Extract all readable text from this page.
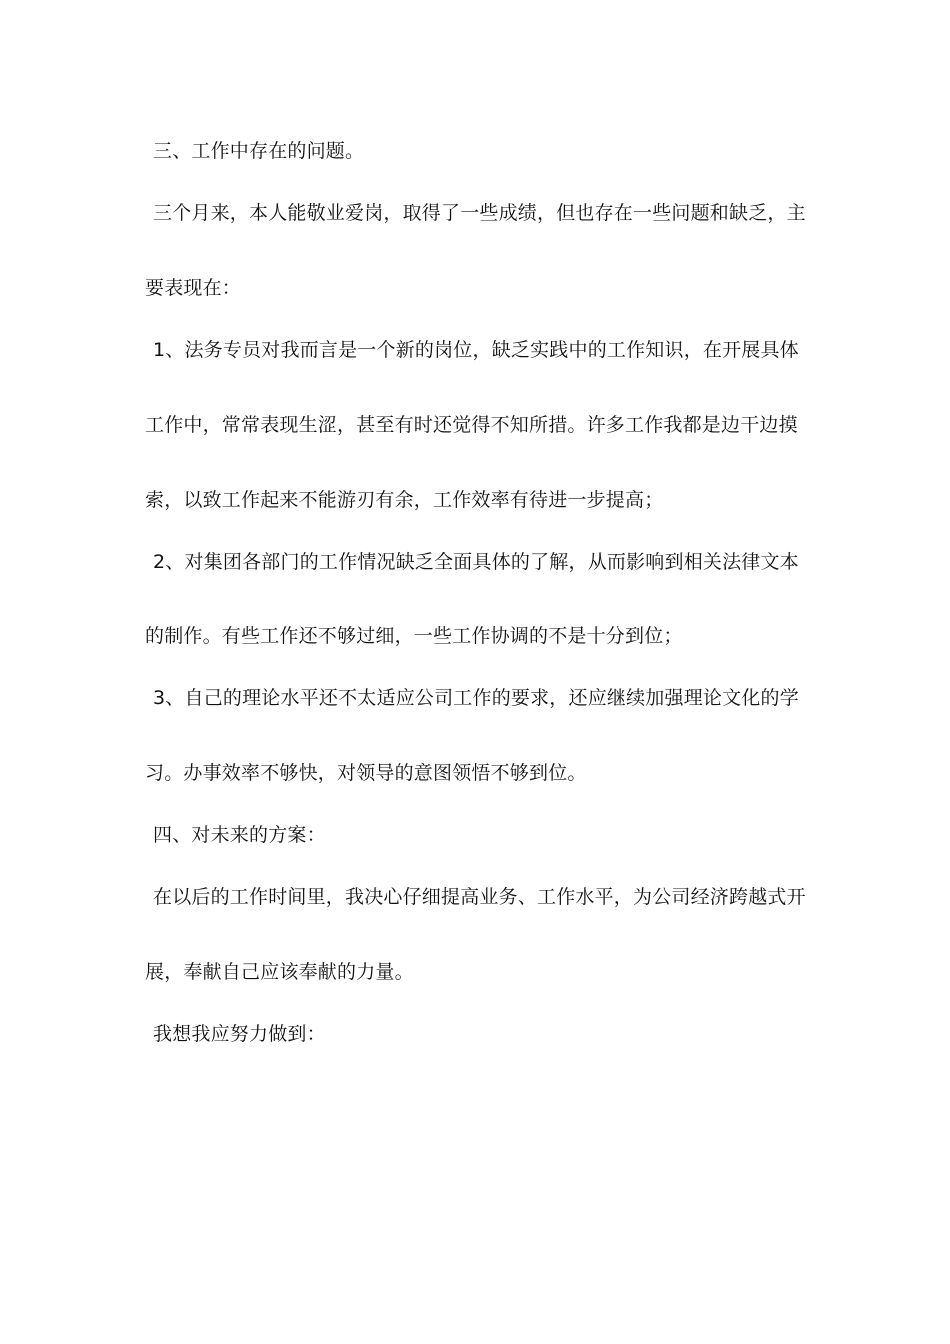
三、工作中存在的问题。
三个月来，本人能敬业爱岗，取得了一些成绩，但也存在一些问题和缺乏，主
要表现在：
1、法务专员对我而言是一个新的岗位，缺乏实践中的工作知识，在开展具体
工作中，常常表现生涩，甚至有时还觉得不知所措。许多工作我都是边干边摸
索，以致工作起来不能游刃有余，工作效率有待进一步提高；
2、对集团各部门的工作情况缺乏全面具体的了解，从而影响到相关法律文本
的制作。有些工作还不够过细，一些工作协调的不是十分到位；
3、自己的理论水平还不太适应公司工作的要求，还应继续加强理论文化的学
习。办事效率不够快，对领导的意图领悟不够到位。
四、对未来的方案：
在以后的工作时间里，我决心仔细提高业务、工作水平，为公司经济跨越式开
展，奉献自己应该奉献的力量。
我想我应努力做到：
